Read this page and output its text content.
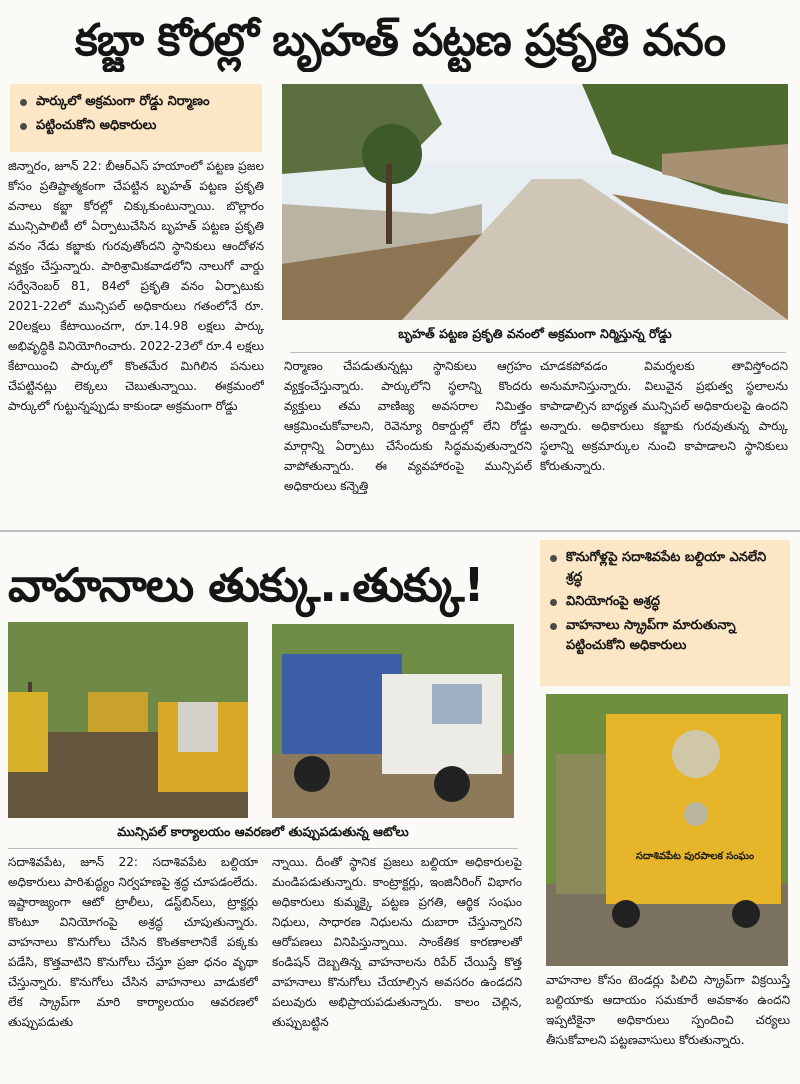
కబ్జా కోరల్లో బృహత్ పట్టణ ప్రకృతి వనం
పార్కులో అక్రమంగా రోడ్డు నిర్మాణం
పట్టించుకోని అధికారులు
జిన్నారం, జూన్ 22: బీఆర్ఎస్ హయాంలో పట్టణ ప్రజల కోసం ప్రతిష్టాత్మకంగా చేపట్టిన బృహత్ పట్టణ ప్రకృతి వనాలు కబ్జా కోరల్లో చిక్కుకుంటున్నాయి. బొల్లారం మున్సిపాలిటీ లో ఏర్పాటుచేసిన బృహత్ పట్టణ ప్రకృతి వనం నేడు కబ్జాకు గురవుతోందని స్థానికులు ఆందోళన వ్యక్తం చేస్తున్నారు. పారిశ్రామికవాడలోని నాలుగో వార్డు సర్వేనెంబర్ 81, 84లో ప్రకృతి వనం ఏర్పాటుకు 2021-22లో మున్సిపల్ అధికారులు గతంలోనే రూ. 20లక్షలు కేటాయించగా, రూ.14.98 లక్షలు పార్కు అభివృద్ధికి వినియోగించారు. 2022-23లో రూ.4 లక్షలు కేటాయించి పార్కులో కొంతమేర మిగిలిన పనులు చేపట్టినట్లు లెక్కలు చెబుతున్నాయి. ఈక్రమంలో పార్కులో గుట్టున్నప్పుడు కాకుండా అక్రమంగా రోడ్డు
బృహత్ పట్టణ ప్రకృతి వనంలో అక్రమంగా నిర్మిస్తున్న రోడ్డు
నిర్మాణం చేపడుతున్నట్లు స్థానికులు ఆగ్రహం వ్యక్తంచేస్తున్నారు. పార్కులోని స్థలాన్ని కొందరు వ్యక్తులు తమ వాణిజ్య అవసరాల నిమిత్తం ఆక్రమించుకోవాలని, రెవెన్యూ రికార్డుల్లో లేని రోడ్డు మార్గాన్ని ఏర్పాటు చేసేందుకు సిద్ధమవుతున్నారని వాపోతున్నారు. ఈ వ్యవహారంపై మున్సిపల్ అధికారులు కన్నెత్తి
చూడకపోవడం విమర్శలకు తావిస్తోందని అనుమానిస్తున్నారు. విలువైన ప్రభుత్వ స్థలాలను కాపాడాల్సిన బాధ్యత మున్సిపల్ అధికారులపై ఉందని అన్నారు. అధికారులు కబ్జాకు గురవుతున్న పార్కు స్థలాన్ని అక్రమార్కుల నుంచి కాపాడాలని స్థానికులు కోరుతున్నారు.
వాహనాలు తుక్కు..తుక్కు!
కొనుగోళ్లపై సదాశివపేట బల్దియా ఎనలేని శ్రద్ధ
వినియోగంపై అశ్రద్ధ
వాహనాలు స్క్రాప్‌గా మారుతున్నా పట్టించుకోని అధికారులు
మున్సిపల్ కార్యాలయం ఆవరణలో తుప్పుపడుతున్న ఆటోలు
సదాశివపేట పురపాలక సంఘం
సదాశివపేట, జూన్ 22: సదాశివపేట బల్దియా అధికారులు పారిశుద్ధ్యం నిర్వహణపై శ్రద్ధ చూపడంలేదు. ఇష్టారాజ్యంగా ఆటో ట్రాలీలు, డస్ట్‌బిన్‌లు, ట్రాక్టర్లు కొంటూ వినియోగంపై అశ్రద్ధ చూపుతున్నారు. వాహనాలు కొనుగోలు చేసిన కొంతకాలానికే పక్కకు పడేసి, కొత్తవాటిని కొనుగోలు చేస్తూ ప్రజా ధనం వృథా చేస్తున్నారు. కొనుగోలు చేసిన వాహనాలు వాడుకలో లేక స్క్రాప్‌గా మారి కార్యాలయం ఆవరణలో తుప్పుపడుతు
న్నాయి. దీంతో స్థానిక ప్రజలు బల్దియా అధికారులపై మండిపడుతున్నారు. కాంట్రాక్టర్లు, ఇంజినీరింగ్ విభాగం అధికారులు కుమ్మక్కై పట్టణ ప్రగతి, ఆర్థిక సంఘం నిధులు, సాధారణ నిధులను దుబారా చేస్తున్నారని ఆరోపణలు వినిపిస్తున్నాయి. సాంకేతిక కారణాలతో కండిషన్ దెబ్బతిన్న వాహనాలను రిపేర్ చేయిస్తే కొత్త వాహనాలు కొనుగోలు చేయాల్సిన అవసరం ఉండదని పలువురు అభిప్రాయపడుతున్నారు. కాలం చెల్లిన, తుప్పుబట్టిన
వాహనాల కోసం టెండర్లు పిలిచి స్క్రాప్‌గా విక్రయిస్తే బల్దియాకు ఆదాయం సమకూరే అవకాశం ఉందని ఇప్పటికైనా అధికారులు స్పందించి చర్యలు తీసుకోవాలని పట్టణవాసులు కోరుతున్నారు.
